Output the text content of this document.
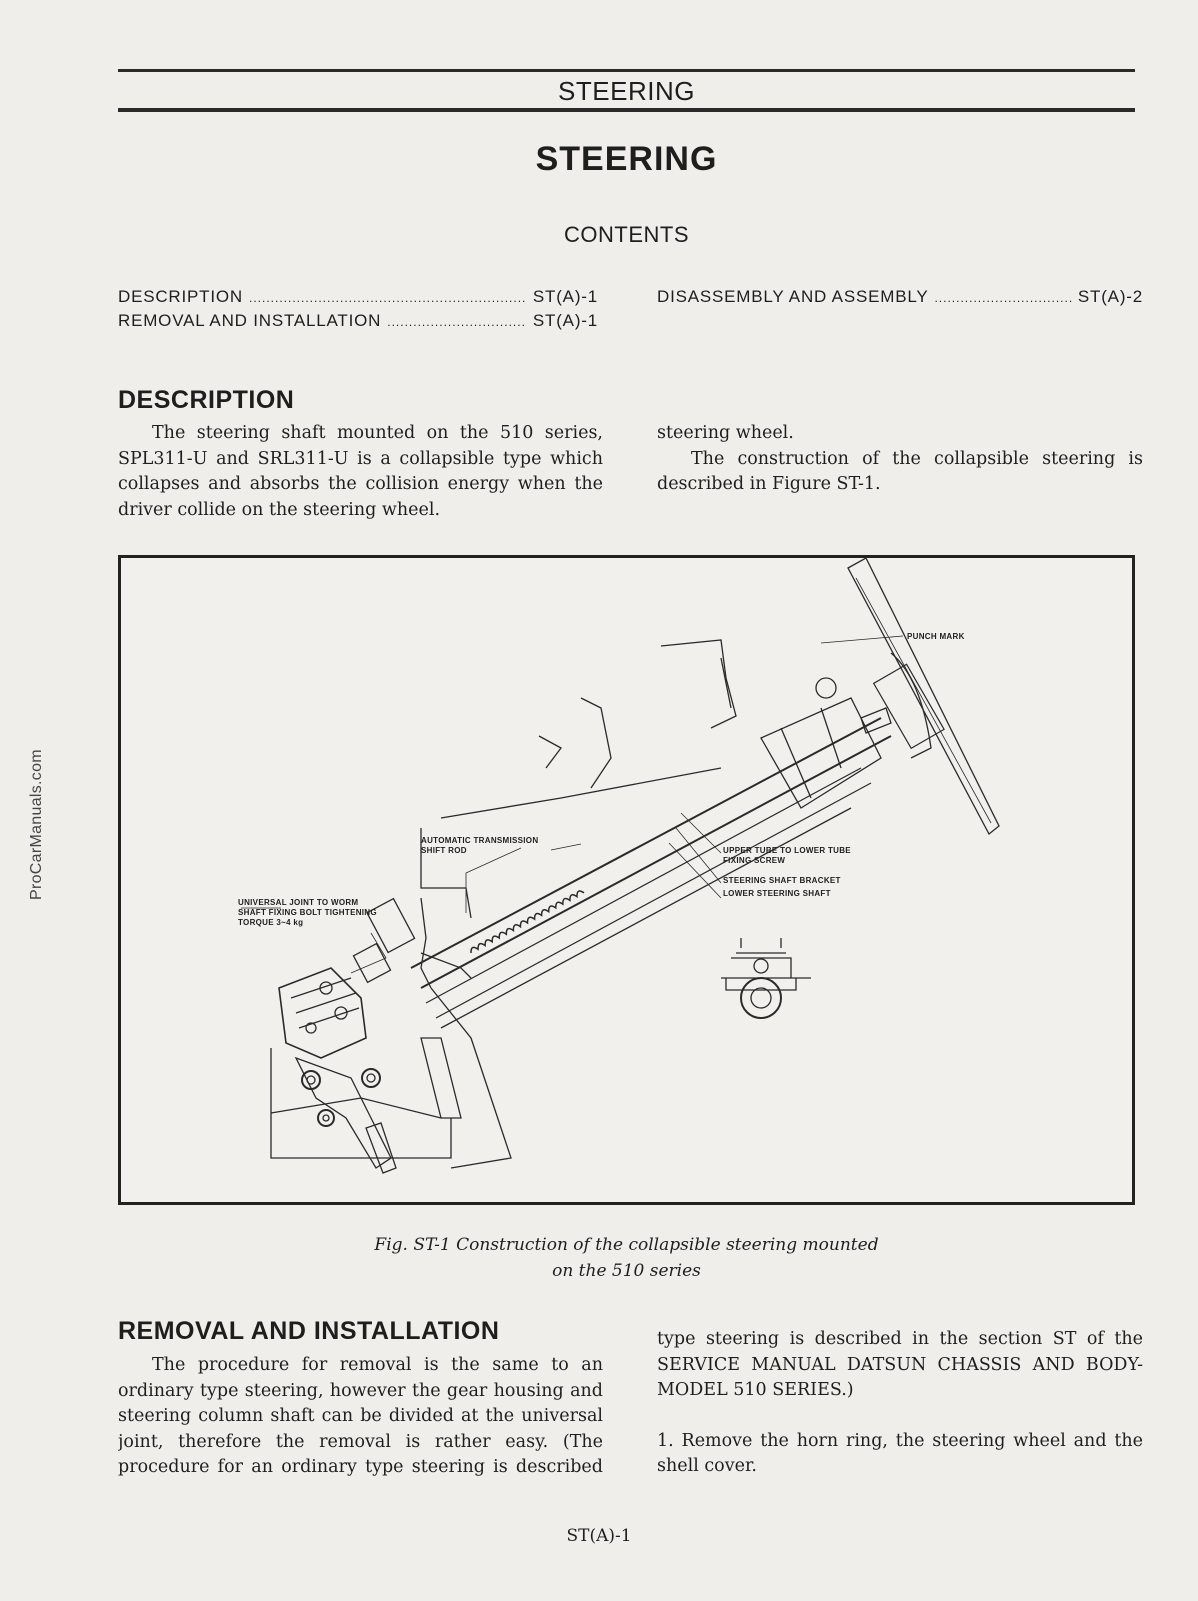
STEERING
STEERING
CONTENTS
DESCRIPTION .....	ST(A)-1
REMOVAL AND INSTALLATION .....	ST(A)-1
DISASSEMBLY AND ASSEMBLY .....	ST(A)-2
DESCRIPTION

The steering shaft mounted on the 510 series, SPL311-U and SRL311-U is a collapsible type which collapses and absorbs the collision energy when the driver collide on the steering wheel.

steering wheel.

The construction of the collapsible steering is described in Figure ST-1.

PUNCH MARK
AUTOMATIC TRANSMISSION SHIFT ROD	UPPER TUBE TO LOWER TUBE FIXING SCREW
STEERING SHAFT BRACKET
LOWER STEERING SHAFT
UNIVERSAL JOINT TO WORM SHAFT FIXING BOLT TIGHTENING TORQUE 3~4 kg
Fig. ST-1 Construction of the collapsible steering mounted
on the 510 series
REMOVAL AND INSTALLATION

The procedure for removal is the same to an ordinary type steering, however the gear housing and steering column shaft can be divided at the universal joint, therefore the removal is rather easy. (The procedure for an ordinary type steering is described

type steering is described in the section ST of the SERVICE MANUAL DATSUN CHASSIS AND BODY-MODEL 510 SERIES.)

1. Remove the horn ring, the steering wheel and the shell cover.

ProCarManuals.com
ST(A)-1
